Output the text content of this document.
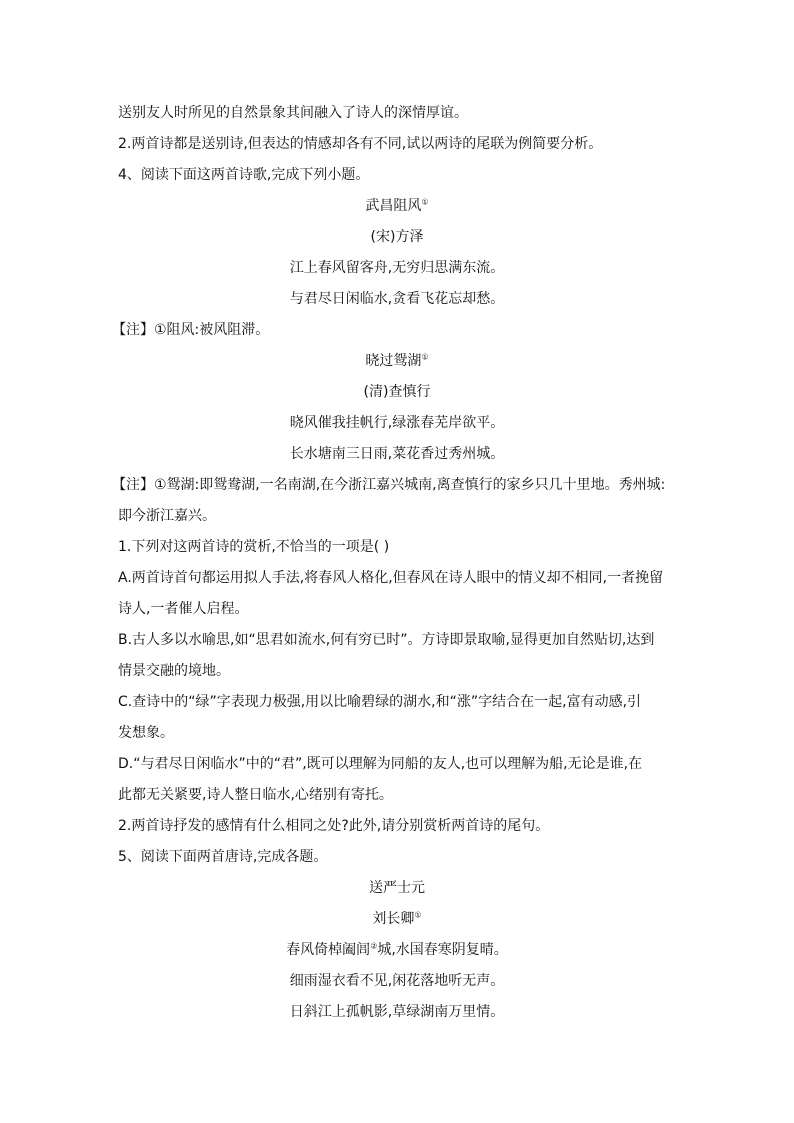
送别友人时所见的自然景象其间融入了诗人的深情厚谊。
2.两首诗都是送别诗,但表达的情感却各有不同,试以两诗的尾联为例简要分析。
4、阅读下面这两首诗歌,完成下列小题。
武昌阻风①
(宋)方泽
江上春风留客舟,无穷归思满东流。
与君尽日闲临水,贪看飞花忘却愁。
【注】①阻风:被风阻滞。
晓过鸳湖①
(清)查慎行
晓风催我挂帆行,绿涨春芜岸欲平。
长水塘南三日雨,菜花香过秀州城。
【注】①鸳湖:即鸳鸯湖,一名南湖,在今浙江嘉兴城南,离查慎行的家乡只几十里地。秀州城:
即今浙江嘉兴。
1.下列对这两首诗的赏析,不恰当的一项是( )
A.两首诗首句都运用拟人手法,将春风人格化,但春风在诗人眼中的情义却不相同,一者挽留
诗人,一者催人启程。
B.古人多以水喻思,如“思君如流水,何有穷已时”。方诗即景取喻,显得更加自然贴切,达到
情景交融的境地。
C.查诗中的“绿”字表现力极强,用以比喻碧绿的湖水,和“涨”字结合在一起,富有动感,引
发想象。
D.“与君尽日闲临水”中的“君”,既可以理解为同船的友人,也可以理解为船,无论是谁,在
此都无关紧要,诗人整日临水,心绪别有寄托。
2.两首诗抒发的感情有什么相同之处?此外,请分别赏析两首诗的尾句。
5、阅读下面两首唐诗,完成各题。
送严士元
刘长卿①
春风倚棹阖闾②城,水国春寒阴复晴。
细雨湿衣看不见,闲花落地听无声。
日斜江上孤帆影,草绿湖南万里情。
